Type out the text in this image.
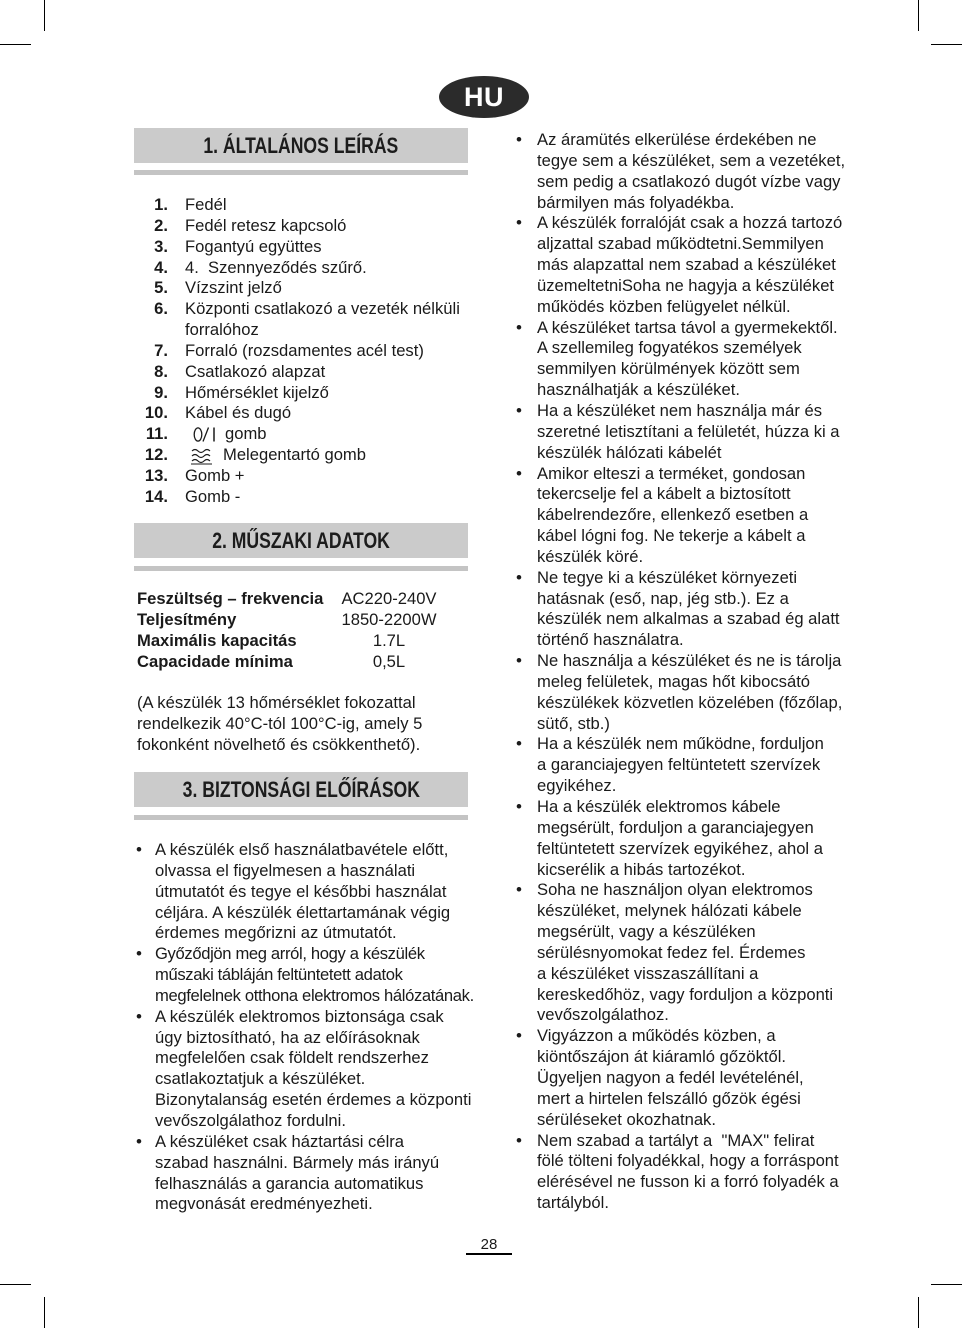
HU
1. ÁLTALÁNOS LEÍRÁS
1. Fedél
2. Fedél retesz kapcsoló
3. Fogantyú együttes
4. 4.  Szennyeződés szűrő.
5. Vízszint jelző
6. Központi csatlakozó a vezeték nélküli forralóhoz
7. Forraló (rozsdamentes acél test)
8. Csatlakozó alapzat
9. Hőmérséklet kijelző
10. Kábel és dugó
11.	gomb
12.	Melegentartó gomb
13. Gomb +
14. Gomb -
2. MŰSZAKI ADATOK
Feszültség – frekvencia AC220-240V
Teljesítmény	1850-2200W
Maximális kapacitás	1.7L
Capacidade mínima	0,5L
(A készülék 13 hőmérséklet fokozattal
rendelkezik 40°C-tól 100°C-ig, amely 5
fokonként növelhető és csökkenthető).
3. BIZTONSÁGI ELŐÍRÁSOK
• A készülék első használatbavétele előtt,
olvassa el figyelmesen a használati
útmutatót és tegye el későbbi használat
céljára. A készülék élettartamának végig
érdemes megőrizni az útmutatót.
• Győződjön meg arról, hogy a készülék
műszaki tábláján feltüntetett adatok
megfelelnek otthona elektromos hálózatának.
• A készülék elektromos biztonsága csak
úgy biztosítható, ha az előírásoknak
megfelelően csak földelt rendszerhez
csatlakoztatjuk a készüléket.
Bizonytalanság esetén érdemes a központi
vevőszolgálathoz fordulni.
• A készüléket csak háztartási célra
szabad használni. Bármely más irányú
felhasználás a garancia automatikus
megvonását eredményezheti.
• Az áramütés elkerülése érdekében ne
tegye sem a készüléket, sem a vezetéket,
sem pedig a csatlakozó dugót vízbe vagy
bármilyen más folyadékba.
• A készülék forralóját csak a hozzá tartozó
aljzattal szabad működtetni.Semmilyen
más alapzattal nem szabad a készüléket
üzemeltetniSoha ne hagyja a készüléket
működés közben felügyelet nélkül.
• A készüléket tartsa távol a gyermekektől.
A szellemileg fogyatékos személyek
semmilyen körülmények között sem
használhatják a készüléket.
• Ha a készüléket nem használja már és
szeretné letisztítani a felületét, húzza ki a
készülék hálózati kábelét
• Amikor elteszi a terméket, gondosan
tekercselje fel a kábelt a biztosított
kábelrendezőre, ellenkező esetben a
kábel lógni fog. Ne tekerje a kábelt a
készülék köré.
• Ne tegye ki a készüléket környezeti
hatásnak (eső, nap, jég stb.). Ez a
készülék nem alkalmas a szabad ég alatt
történő használatra.
• Ne használja a készüléket és ne is tárolja
meleg felületek, magas hőt kibocsátó
készülékek közvetlen közelében (főzőlap,
sütő, stb.)
• Ha a készülék nem működne, forduljon
a garanciajegyen feltüntetett szervízek
egyikéhez.
• Ha a készülék elektromos kábele
megsérült, forduljon a garanciajegyen
feltüntetett szervízek egyikéhez, ahol a
kicserélik a hibás tartozékot.
• Soha ne használjon olyan elektromos
készüléket, melynek hálózati kábele
megsérült, vagy a készüléken
sérülésnyomokat fedez fel. Érdemes
a készüléket visszaszállítani a
kereskedőhöz, vagy forduljon a központi
vevőszolgálathoz.
• Vigyázzon a működés közben, a
kiöntőszájon át kiáramló gőzöktől.
Ügyeljen nagyon a fedél levételénél,
mert a hirtelen felszálló gőzök égési
sérüléseket okozhatnak.
• Nem szabad a tartályt a  "MAX" felirat
fölé tölteni folyadékkal, hogy a forráspont
elérésével ne fusson ki a forró folyadék a
tartályból.
28
